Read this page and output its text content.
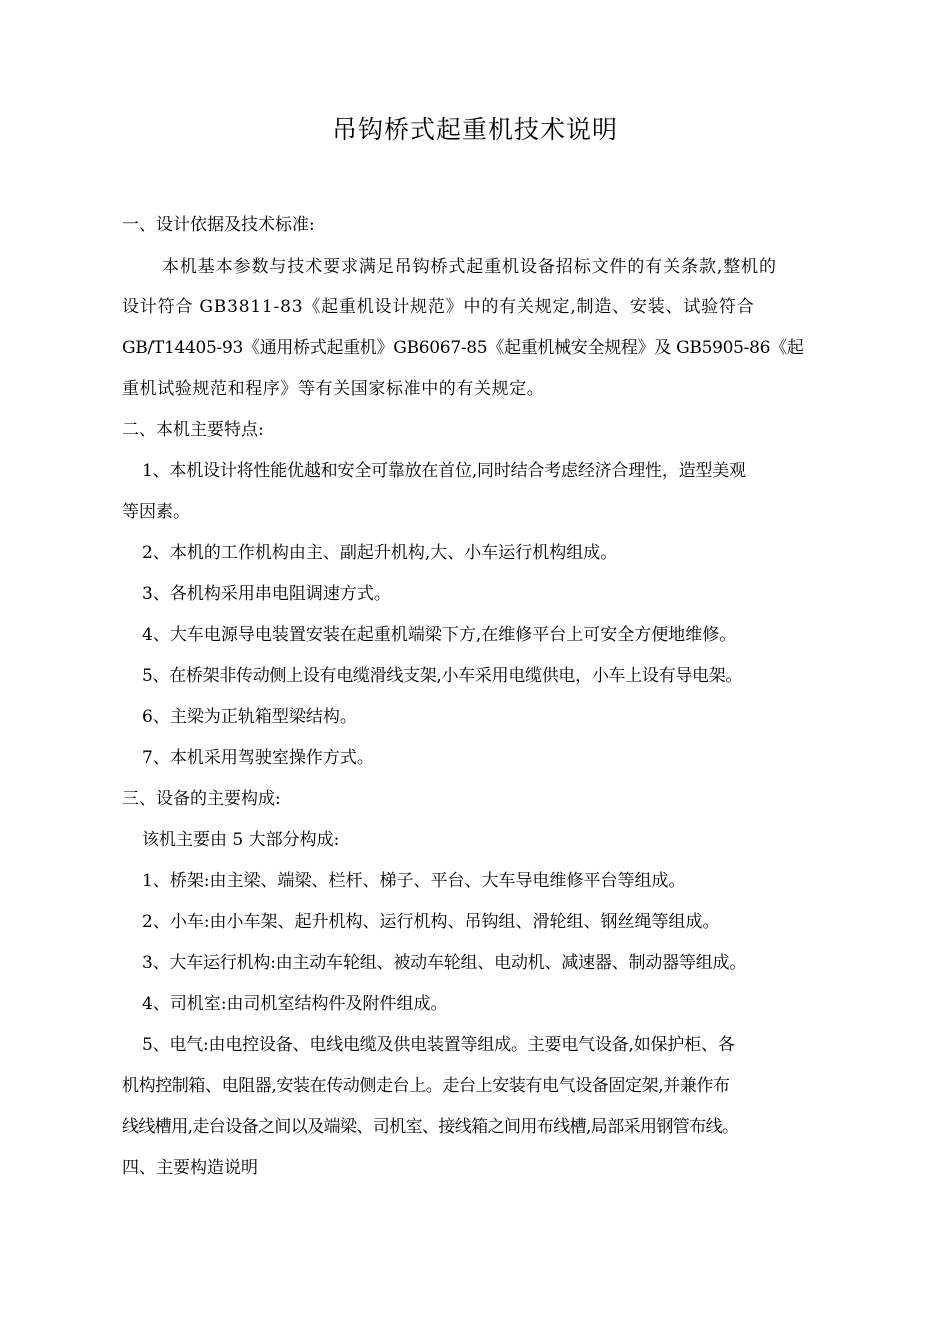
吊钩桥式起重机技术说明

一、设计依据及技术标准:

本机基本参数与技术要求满足吊钩桥式起重机设备招标文件的有关条款,整机的

设计符合 GB3811-83《起重机设计规范》中的有关规定,制造、安装、试验符合

GB/T14405-93《通用桥式起重机》GB6067-85《起重机械安全规程》及 GB5905-86《起

重机试验规范和程序》等有关国家标准中的有关规定。

二、本机主要特点:

1、本机设计将性能优越和安全可靠放在首位,同时结合考虑经济合理性，造型美观

等因素。

2、本机的工作机构由主、副起升机构,大、小车运行机构组成。

3、各机构采用串电阻调速方式。

4、大车电源导电装置安装在起重机端梁下方,在维修平台上可安全方便地维修。

5、在桥架非传动侧上设有电缆滑线支架,小车采用电缆供电，小车上设有导电架。

6、主梁为正轨箱型梁结构。

7、本机采用驾驶室操作方式。

三、设备的主要构成:

该机主要由 5 大部分构成:

1、桥架:由主梁、端梁、栏杆、梯子、平台、大车导电维修平台等组成。

2、小车:由小车架、起升机构、运行机构、吊钩组、滑轮组、钢丝绳等组成。

3、大车运行机构:由主动车轮组、被动车轮组、电动机、减速器、制动器等组成。

4、司机室:由司机室结构件及附件组成。

5、电气:由电控设备、电线电缆及供电装置等组成。主要电气设备,如保护柜、各

机构控制箱、电阻器,安装在传动侧走台上。走台上安装有电气设备固定架,并兼作布

线线槽用,走台设备之间以及端梁、司机室、接线箱之间用布线槽,局部采用钢管布线。

四、主要构造说明
